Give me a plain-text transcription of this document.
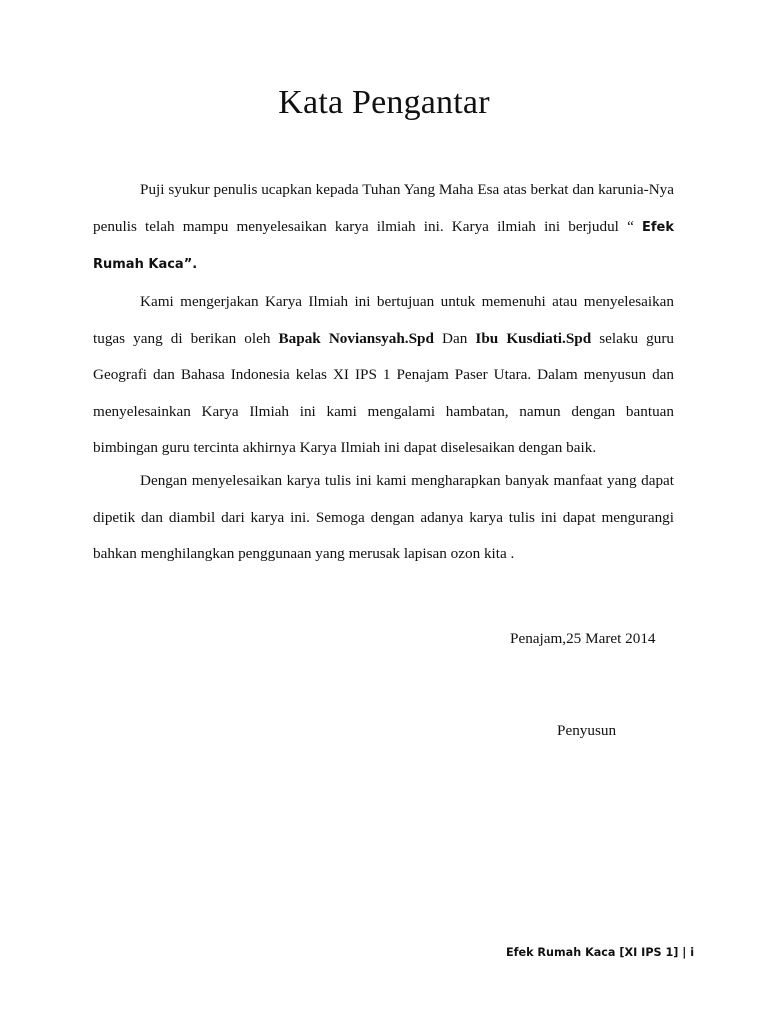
Kata Pengantar

Puji syukur penulis ucapkan kepada Tuhan Yang Maha Esa atas berkat dan karunia-Nya penulis telah mampu menyelesaikan karya ilmiah ini. Karya ilmiah ini berjudul “ Efek Rumah Kaca”.

Kami mengerjakan Karya Ilmiah ini bertujuan untuk memenuhi atau menyelesaikan tugas yang di berikan oleh Bapak Noviansyah.Spd Dan Ibu Kusdiati.Spd selaku guru Geografi dan Bahasa Indonesia kelas XI IPS 1 Penajam Paser Utara. Dalam menyusun dan menyelesainkan Karya Ilmiah ini kami mengalami hambatan, namun dengan bantuan bimbingan guru tercinta akhirnya Karya Ilmiah ini dapat diselesaikan dengan baik.

Dengan menyelesaikan karya tulis ini kami mengharapkan banyak manfaat yang dapat dipetik dan diambil dari karya ini. Semoga dengan adanya karya tulis ini dapat mengurangi bahkan menghilangkan penggunaan yang merusak lapisan ozon kita .

Penajam,25 Maret 2014

Penyusun

Efek Rumah Kaca [XI IPS 1] | i
